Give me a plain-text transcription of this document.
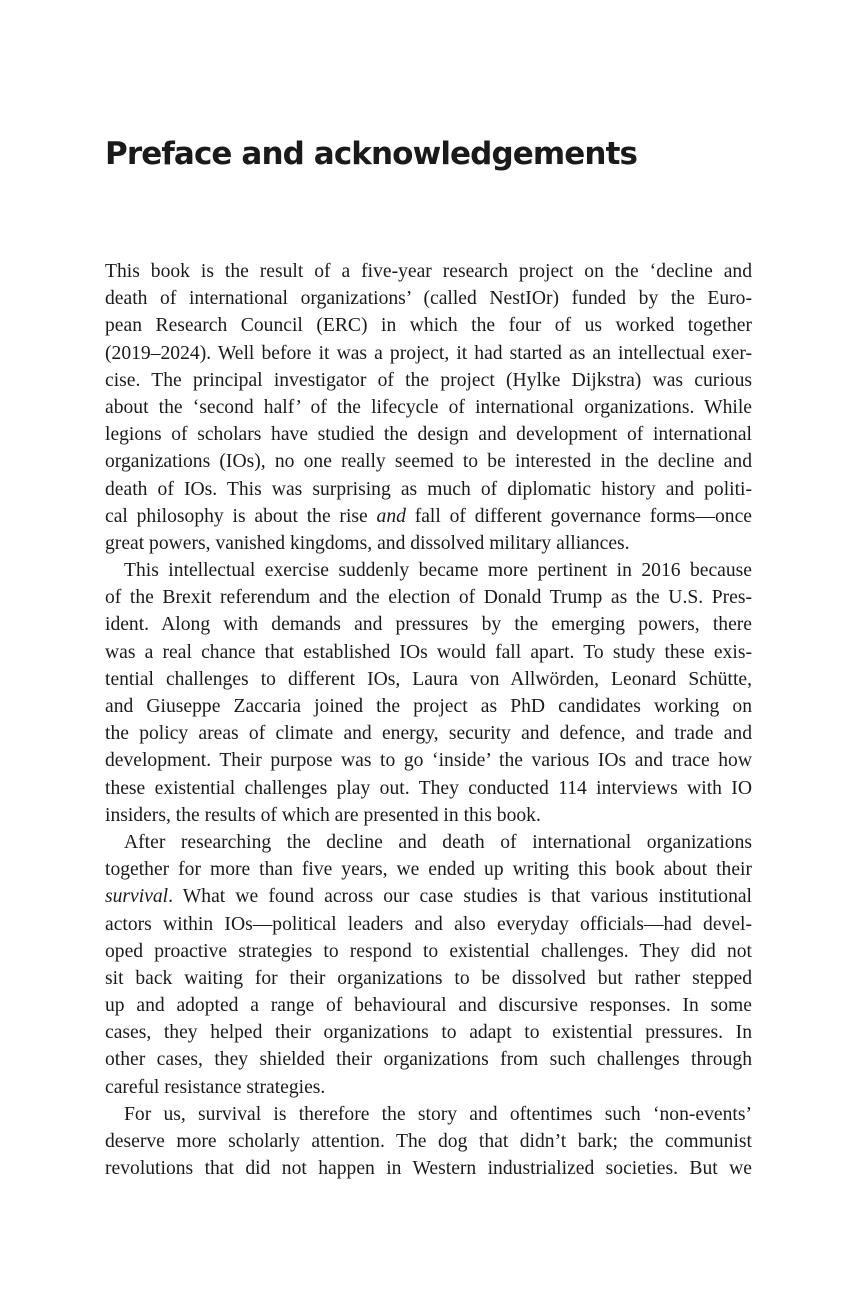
Preface and acknowledgements
This book is the result of a five-year research project on the ‘decline and
death of international organizations’ (called NestIOr) funded by the Euro-
pean Research Council (ERC) in which the four of us worked together
(2019–2024). Well before it was a project, it had started as an intellectual exer-
cise. The principal investigator of the project (Hylke Dijkstra) was curious
about the ‘second half’ of the lifecycle of international organizations. While
legions of scholars have studied the design and development of international
organizations (IOs), no one really seemed to be interested in the decline and
death of IOs. This was surprising as much of diplomatic history and politi-
cal philosophy is about the rise and fall of different governance forms—once
great powers, vanished kingdoms, and dissolved military alliances.
This intellectual exercise suddenly became more pertinent in 2016 because
of the Brexit referendum and the election of Donald Trump as the U.S. Pres-
ident. Along with demands and pressures by the emerging powers, there
was a real chance that established IOs would fall apart. To study these exis-
tential challenges to different IOs, Laura von Allwörden, Leonard Schütte,
and Giuseppe Zaccaria joined the project as PhD candidates working on
the policy areas of climate and energy, security and defence, and trade and
development. Their purpose was to go ‘inside’ the various IOs and trace how
these existential challenges play out. They conducted 114 interviews with IO
insiders, the results of which are presented in this book.
After researching the decline and death of international organizations
together for more than five years, we ended up writing this book about their
survival. What we found across our case studies is that various institutional
actors within IOs—political leaders and also everyday officials—had devel-
oped proactive strategies to respond to existential challenges. They did not
sit back waiting for their organizations to be dissolved but rather stepped
up and adopted a range of behavioural and discursive responses. In some
cases, they helped their organizations to adapt to existential pressures. In
other cases, they shielded their organizations from such challenges through
careful resistance strategies.
For us, survival is therefore the story and oftentimes such ‘non-events’
deserve more scholarly attention. The dog that didn’t bark; the communist
revolutions that did not happen in Western industrialized societies. But we
